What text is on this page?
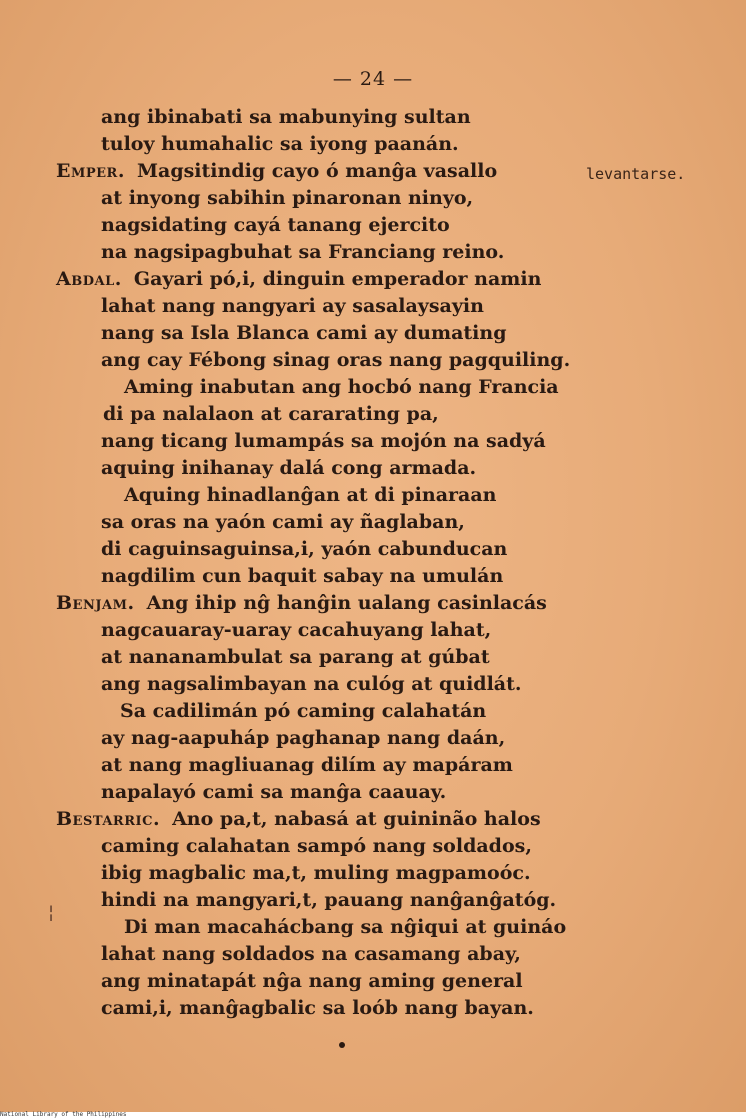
— 24 —
levantarse.
ang ibinabati sa mabunying sultan
tuloy humahalic sa iyong paanán.
Emper. Magsitindig cayo ó manĝa vasallo
at inyong sabihin pinaronan ninyo,
nagsidating cayá tanang ejercito
na nagsipagbuhat sa Franciang reino.
Abdal. Gayari pó,i, dinguin emperador namin
lahat nang nangyari ay sasalaysayin
nang sa Isla Blanca cami ay dumating
ang cay Fébong sinag oras nang pagquiling.
Aming inabutan ang hocbó nang Francia
di pa nalalaon at cararating pa,
nang ticang lumampás sa mojón na sadyá
aquing inihanay dalá cong armada.
Aquing hinadlanĝan at di pinaraan
sa oras na yaón cami ay ñaglaban,
di caguinsaguinsa,i, yaón cabunducan
nagdilim cun baquit sabay na umulán
Benjam. Ang ihip nĝ hanĝin ualang casinlacás
nagcauaray-uaray cacahuyang lahat,
at nananambulat sa parang at gúbat
ang nagsalimbayan na culóg at quidlát.
Sa cadilimán pó caming calahatán
ay nag-aapuháp paghanap nang daán,
at nang magliuanag dilím ay mapáram
napalayó cami sa manĝa caauay.
Bestarric. Ano pa,t, nabasá at guininão halos
caming calahatan sampó nang soldados,
ibig magbalic ma,t, muling magpamoóc.
hindi na mangyari,t, pauang nanĝanĝatóg.
Di man macahácbang sa nĝiqui at guináo
lahat nang soldados na casamang abay,
ang minatapát nĝa nang aming general
cami,i, manĝagbalic sa loób nang bayan.
¦
National Library of the Philippines
